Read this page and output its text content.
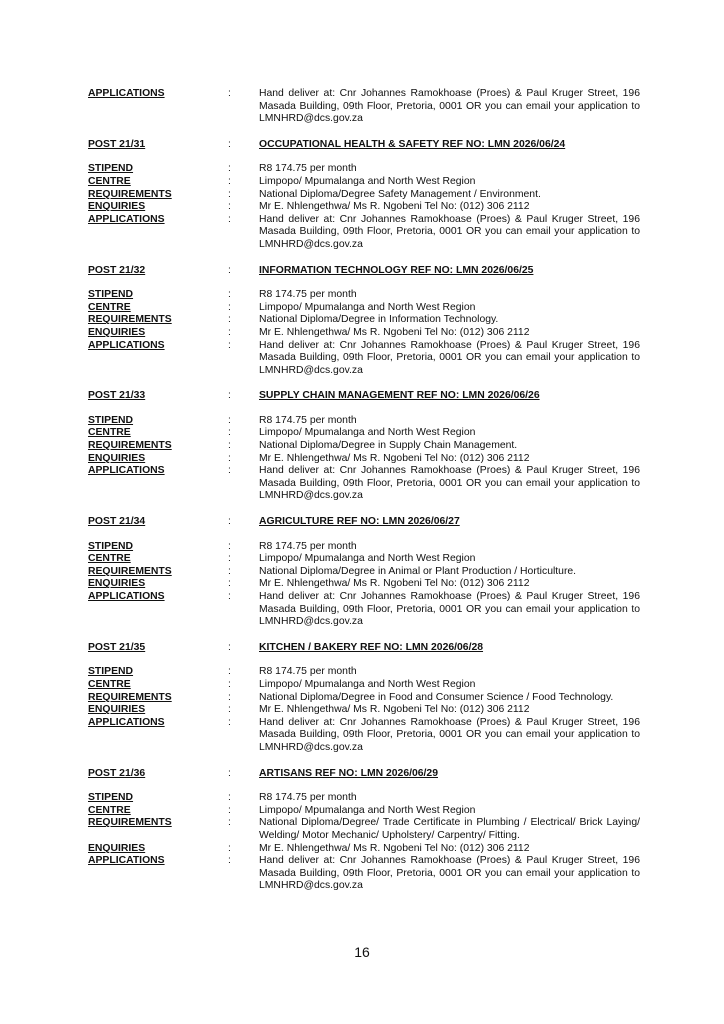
APPLICATIONS	:	Hand deliver at: Cnr Johannes Ramokhoase (Proes) & Paul Kruger Street, 196 Masada Building, 09th Floor, Pretoria, 0001 OR you can email your application to LMNHRD@dcs.gov.za
POST 21/31	:	OCCUPATIONAL HEALTH & SAFETY REF NO: LMN 2026/06/24
STIPEND	:	R8 174.75 per month
CENTRE	:	Limpopo/ Mpumalanga and North West Region
REQUIREMENTS	:	National Diploma/Degree Safety Management / Environment.
ENQUIRIES	:	Mr E. Nhlengethwa/ Ms R. Ngobeni Tel No: (012) 306 2112
APPLICATIONS	:	Hand deliver at: Cnr Johannes Ramokhoase (Proes) & Paul Kruger Street, 196 Masada Building, 09th Floor, Pretoria, 0001 OR you can email your application to LMNHRD@dcs.gov.za
POST 21/32	:	INFORMATION TECHNOLOGY REF NO: LMN 2026/06/25
STIPEND	:	R8 174.75 per month
CENTRE	:	Limpopo/ Mpumalanga and North West Region
REQUIREMENTS	:	National Diploma/Degree in Information Technology.
ENQUIRIES	:	Mr E. Nhlengethwa/ Ms R. Ngobeni Tel No: (012) 306 2112
APPLICATIONS	:	Hand deliver at: Cnr Johannes Ramokhoase (Proes) & Paul Kruger Street, 196 Masada Building, 09th Floor, Pretoria, 0001 OR you can email your application to LMNHRD@dcs.gov.za
POST 21/33	:	SUPPLY CHAIN MANAGEMENT REF NO: LMN 2026/06/26
STIPEND	:	R8 174.75 per month
CENTRE	:	Limpopo/ Mpumalanga and North West Region
REQUIREMENTS	:	National Diploma/Degree in Supply Chain Management.
ENQUIRIES	:	Mr E. Nhlengethwa/ Ms R. Ngobeni Tel No: (012) 306 2112
APPLICATIONS	:	Hand deliver at: Cnr Johannes Ramokhoase (Proes) & Paul Kruger Street, 196 Masada Building, 09th Floor, Pretoria, 0001 OR you can email your application to LMNHRD@dcs.gov.za
POST 21/34	:	AGRICULTURE REF NO: LMN 2026/06/27
STIPEND	:	R8 174.75 per month
CENTRE	:	Limpopo/ Mpumalanga and North West Region
REQUIREMENTS	:	National Diploma/Degree in Animal or Plant Production / Horticulture.
ENQUIRIES	:	Mr E. Nhlengethwa/ Ms R. Ngobeni Tel No: (012) 306 2112
APPLICATIONS	:	Hand deliver at: Cnr Johannes Ramokhoase (Proes) & Paul Kruger Street, 196 Masada Building, 09th Floor, Pretoria, 0001 OR you can email your application to LMNHRD@dcs.gov.za
POST 21/35	:	KITCHEN / BAKERY REF NO: LMN 2026/06/28
STIPEND	:	R8 174.75 per month
CENTRE	:	Limpopo/ Mpumalanga and North West Region
REQUIREMENTS	:	National Diploma/Degree in Food and Consumer Science / Food Technology.
ENQUIRIES	:	Mr E. Nhlengethwa/ Ms R. Ngobeni Tel No: (012) 306 2112
APPLICATIONS	:	Hand deliver at: Cnr Johannes Ramokhoase (Proes) & Paul Kruger Street, 196 Masada Building, 09th Floor, Pretoria, 0001 OR you can email your application to LMNHRD@dcs.gov.za
POST 21/36	:	ARTISANS REF NO: LMN 2026/06/29
STIPEND	:	R8 174.75 per month
CENTRE	:	Limpopo/ Mpumalanga and North West Region
REQUIREMENTS	:	National Diploma/Degree/ Trade Certificate in Plumbing / Electrical/ Brick Laying/ Welding/ Motor Mechanic/ Upholstery/ Carpentry/ Fitting.
ENQUIRIES	:	Mr E. Nhlengethwa/ Ms R. Ngobeni Tel No: (012) 306 2112
APPLICATIONS	:	Hand deliver at: Cnr Johannes Ramokhoase (Proes) & Paul Kruger Street, 196 Masada Building, 09th Floor, Pretoria, 0001 OR you can email your application to LMNHRD@dcs.gov.za
16
